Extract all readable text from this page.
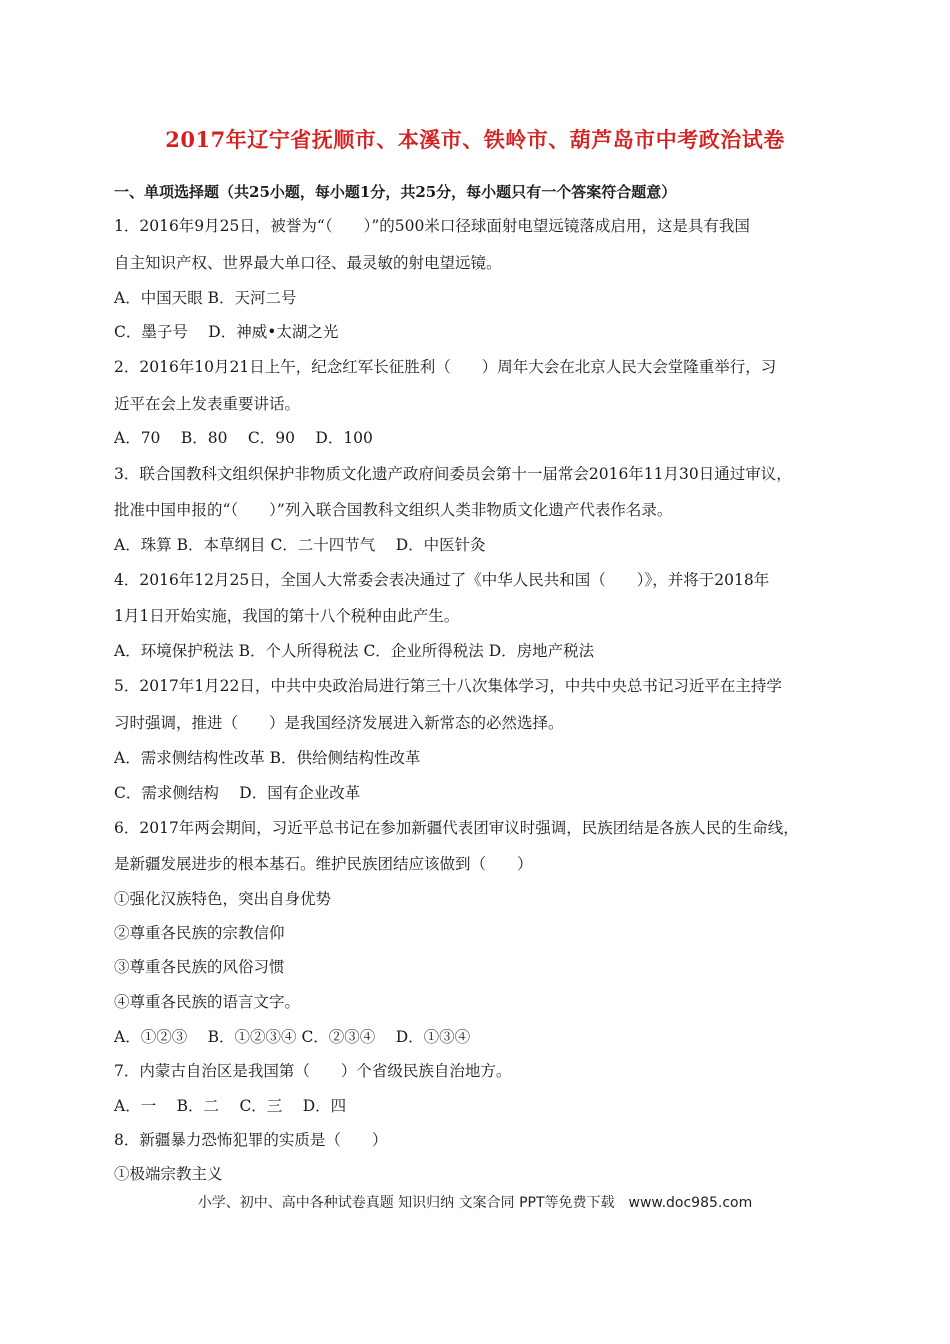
2017年辽宁省抚顺市、本溪市、铁岭市、葫芦岛市中考政治试卷
一、单项选择题（共25小题，每小题1分，共25分，每小题只有一个答案符合题意）
1．2016年9月25日，被誉为“（　　）”的500米口径球面射电望远镜落成启用，这是具有我国
自主知识产权、世界最大单口径、最灵敏的射电望远镜。
A．中国天眼 B．天河二号
C．墨子号　 D．神威•太湖之光
2．2016年10月21日上午，纪念红军长征胜利（　　）周年大会在北京人民大会堂隆重举行，习
近平在会上发表重要讲话。
A．70　 B．80　 C．90　 D．100
3．联合国教科文组织保护非物质文化遗产政府间委员会第十一届常会2016年11月30日通过审议，
批准中国申报的“（　　）”列入联合国教科文组织人类非物质文化遗产代表作名录。
A．珠算 B．本草纲目 C．二十四节气　 D．中医针灸
4．2016年12月25日，全国人大常委会表决通过了《中华人民共和国（　　）》，并将于2018年
1月1日开始实施，我国的第十八个税种由此产生。
A．环境保护税法 B．个人所得税法 C．企业所得税法 D．房地产税法
5．2017年1月22日，中共中央政治局进行第三十八次集体学习，中共中央总书记习近平在主持学
习时强调，推进（　　）是我国经济发展进入新常态的必然选择。
A．需求侧结构性改革 B．供给侧结构性改革
C．需求侧结构　 D．国有企业改革
6．2017年两会期间，习近平总书记在参加新疆代表团审议时强调，民族团结是各族人民的生命线，
是新疆发展进步的根本基石。维护民族团结应该做到（　　）
①强化汉族特色，突出自身优势
②尊重各民族的宗教信仰
③尊重各民族的风俗习惯
④尊重各民族的语言文字。
A．①②③　 B．①②③④ C．②③④　 D．①③④
7．内蒙古自治区是我国第（　　）个省级民族自治地方。
A．一　 B．二　 C．三　 D．四
8．新疆暴力恐怖犯罪的实质是（　　）
①极端宗教主义
小学、初中、高中各种试卷真题 知识归纳 文案合同 PPT等免费下载　www.doc985.com
